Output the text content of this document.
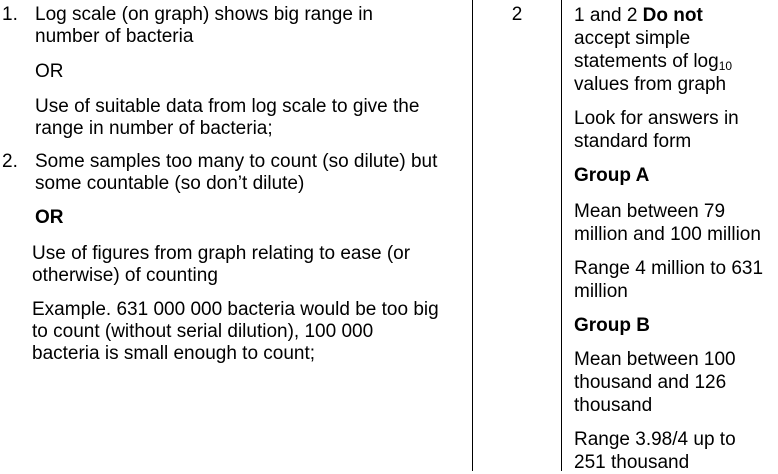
1. Log scale (on graph) shows big range in
number of bacteria
OR
Use of suitable data from log scale to give the
range in number of bacteria;
2. Some samples too many to count (so dilute) but
some countable (so don’t dilute)
OR
Use of figures from graph relating to ease (or
otherwise) of counting
Example. 631 000 000 bacteria would be too big
to count (without serial dilution), 100 000
bacteria is small enough to count;
2	1 and 2 Do not
accept simple
statements of $\log_{10}$
values from graph
Look for answers in
standard form
Group A
Mean between 79
million and 100 million
Range 4 million to 631
million
Group B
Mean between 100
thousand and 126
thousand
Range 3.98/4 up to
251 thousand
